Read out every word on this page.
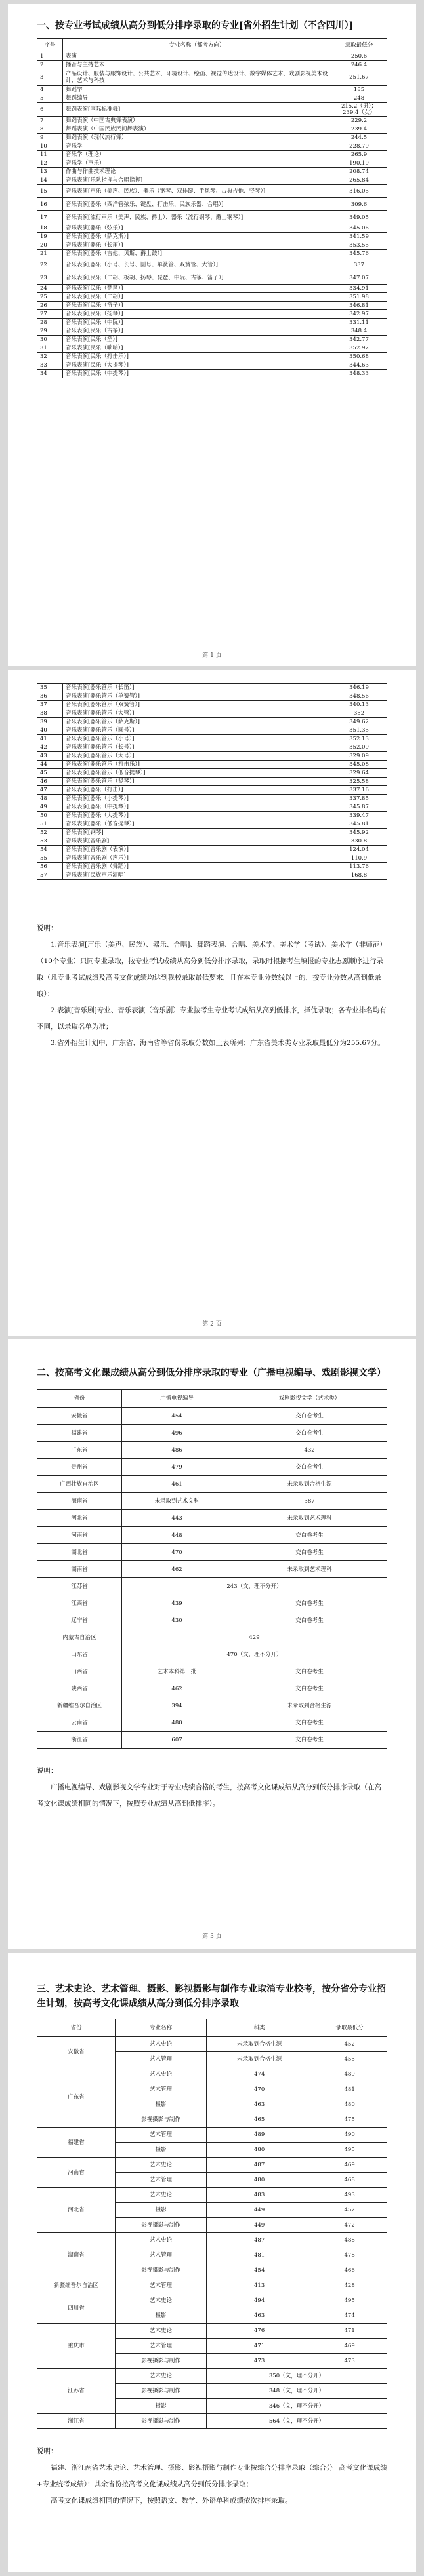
一、按专业考试成绩从高分到低分排序录取的专业[省外招生计划（不含四川）]
序号	专业名称（都考方向）	录取最低分
1	表演	250.6
2	播音与主持艺术	246.4
3	产品设计、服装与服饰设计、公共艺术、环境设计、绘画、视觉传达设计、数字媒体艺术、戏剧影视美术设计、艺术与科技	251.67
4	舞蹈学	185
5	舞蹈编导	248
6	舞蹈表演[国际标准舞]	215.2（男）；239.4（女）
7	舞蹈表演（中国古典舞表演）	229.2
8	舞蹈表演（中国民族民间舞表演）	239.4
9	舞蹈表演（现代流行舞）	244.5
10	音乐学	228.79
11	音乐学（理论）	265.9
12	音乐学（声乐）	190.19
13	作曲与作曲技术理论	208.74
14	音乐表演[乐队指挥与合唱指挥]	265.84
15	音乐表演[声乐（美声、民族）、器乐（钢琴、双排键、手风琴、古典吉他、竖琴）]	316.05
16	音乐表演[器乐（西洋管弦乐、键盘、打击乐、民族乐器、合唱）]	309.6
17	音乐表演[流行声乐（美声、民族、爵士）、器乐（流行钢琴、爵士钢琴）]	349.05
18	音乐表演[器乐（弦乐）]	345.06
19	音乐表演[器乐（萨克斯）]	341.59
20	音乐表演[器乐（长笛）]	353.55
21	音乐表演[器乐（吉他、贝斯、爵士鼓）]	345.76
22	音乐表演[器乐（小号、长号、圆号、单簧管、双簧管、大管）]	337
23	音乐表演[民乐（二胡、板胡、扬琴、琵琶、中阮、古筝、笛子）]	347.07
24	音乐表演[民乐（琵琶）]	334.91
25	音乐表演[民乐（二胡）]	351.98
26	音乐表演[民乐（笛子）]	346.81
27	音乐表演[民乐（扬琴）]	342.97
28	音乐表演[民乐（中阮）]	331.11
29	音乐表演[民乐（古筝）]	348.4
30	音乐表演[民乐（笙）]	342.77
31	音乐表演[民乐（唢呐）]	352.92
32	音乐表演[民乐（打击乐）]	350.68
33	音乐表演[民乐（大提琴）]	344.63
34	音乐表演[民乐（中提琴）]	348.33
第 1 页
35	音乐表演[器乐管乐（长笛）]	346.19
36	音乐表演[器乐管乐（单簧管）]	348.56
37	音乐表演[器乐管乐（双簧管）]	340.13
38	音乐表演[器乐管乐（大管）]	352
39	音乐表演[器乐管乐（萨克斯）]	349.62
40	音乐表演[器乐管乐（圆号）]	351.35
41	音乐表演[器乐管乐（小号）]	352.13
42	音乐表演[器乐管乐（长号）]	352.09
43	音乐表演[器乐管乐（大号）]	329.09
44	音乐表演[器乐管乐（打击乐）]	345.08
45	音乐表演[器乐管乐（低音提琴）]	329.64
46	音乐表演[器乐管乐（竖琴）]	325.58
47	音乐表演[器乐（打击）]	337.16
48	音乐表演[器乐（小提琴）]	337.85
49	音乐表演[器乐（中提琴）]	345.87
50	音乐表演[器乐（大提琴）]	339.47
51	音乐表演[器乐（低音提琴）]	345.81
52	音乐表演[钢琴]	345.92
53	音乐表演[音乐剧]	330.8
54	音乐表演[音乐剧（表演）]	124.04
55	音乐表演[音乐剧（声乐）]	110.9
56	音乐表演[音乐剧（舞蹈）]	113.76
57	音乐表演[民族声乐演唱]	168.8

说明：

1.音乐表演[声乐（美声、民族）、器乐、合唱]、舞蹈表演、合唱、美术学、美术学（考试）、美术学（非师范）（10个专业）只同专业录取，按专业考试成绩从高分到低分排序录取，录取时根据考生填报的专业志愿顺序进行录取（凡专业考试成绩及高考文化成绩均达到我校录取最低要求，且在本专业分数线以上的，按专业分数从高到低录取）；

2.表演[音乐剧]专业、音乐表演（音乐剧）专业按考生专业考试成绩从高到低排序，择优录取；各专业排名均有不同，以录取名单为准；

3.省外招生计划中，广东省、海南省等省份录取分数如上表所列；广东省美术类专业录取最低分为255.67分。

第 2 页
二、按高考文化课成绩从高分到低分排序录取的专业（广播电视编导、戏剧影视文学）
省份	广播电视编导	戏剧影视文学（艺术类）
安徽省	454	交白卷考生
福建省	496	交白卷考生
广东省	486	432
贵州省	479	交白卷考生
广西壮族自治区	461	未录取到合格生源
海南省	未录取到艺术文科	387
河北省	443	未录取到艺术理科
河南省	448	交白卷考生
湖北省	470	交白卷考生
湖南省	462	未录取到艺术理科
江苏省	243（文，理不分开）	
江西省	439	交白卷考生
辽宁省	430	交白卷考生
内蒙古自治区	429	
山东省	470（文，理不分开）	
山西省	艺术本科第一批	交白卷考生
陕西省	462	交白卷考生
新疆维吾尔自治区	394	未录取到合格生源
云南省	480	交白卷考生
浙江省	607	交白卷考生

说明：

广播电视编导、戏剧影视文学专业对于专业成绩合格的考生，按高考文化课成绩从高分到低分排序录取（在高考文化课成绩相同的情况下，按照专业成绩从高到低排序）。

第 3 页
三、艺术史论、艺术管理、摄影、影视摄影与制作专业取消专业校考，按分省分专业招生计划，按高考文化课成绩从高分到低分排序录取
省份	专业名称	科类	录取最低分
安徽省	艺术史论	未录取到合格生源	452
	艺术管理	未录取到合格生源	455
广东省	艺术史论	474	489
	艺术管理	470	481
	摄影	463	480
	影视摄影与制作	465	475
福建省	艺术管理	489	490
	摄影	480	495
河南省	艺术史论	487	469
	艺术管理	480	468
河北省	艺术史论	483	493
	摄影	449	452
	影视摄影与制作	449	472
湖南省	艺术史论	487	488
	艺术管理	481	478
	影视摄影与制作	454	466
新疆维吾尔自治区	艺术管理	413	428
四川省	艺术史论	494	495
	摄影	463	474
重庆市	艺术史论	476	471
	艺术管理	471	469
	影视摄影与制作	473	473
江苏省	艺术史论	350（文，理不分开）	
	影视摄影与制作	348（文，理不分开）	
	摄影	346（文，理不分开）	
浙江省	影视摄影与制作	564（文，理不分开）	

说明：

福建、浙江两省艺术史论、艺术管理、摄影、影视摄影与制作专业按综合分排序录取（综合分=高考文化课成绩+专业统考成绩）；其余省份按高考文化课成绩从高分到低分排序录取；

高考文化课成绩相同的情况下，按照语文、数学、外语单科成绩依次排序录取。
